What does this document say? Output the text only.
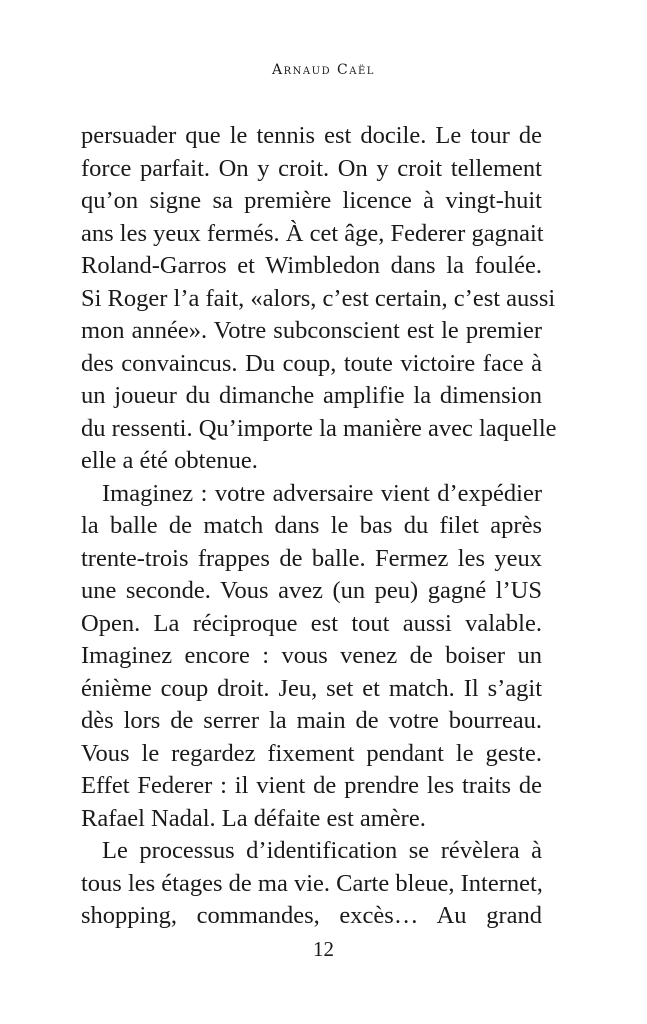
Arnaud Caël
persuader que le tennis est docile. Le tour de
force parfait. On y croit. On y croit tellement
qu’on signe sa première licence à vingt-huit
ans les yeux fermés. À cet âge, Federer gagnait
Roland-Garros et Wimbledon dans la foulée.
Si Roger l’a fait, «alors, c’est certain, c’est aussi
mon année». Votre subconscient est le premier
des convaincus. Du coup, toute victoire face à
un joueur du dimanche amplifie la dimension
du ressenti. Qu’importe la manière avec laquelle
elle a été obtenue.
Imaginez : votre adversaire vient d’expédier
la balle de match dans le bas du filet après
trente-trois frappes de balle. Fermez les yeux
une seconde. Vous avez (un peu) gagné l’US
Open. La réciproque est tout aussi valable.
Imaginez encore : vous venez de boiser un
énième coup droit. Jeu, set et match. Il s’agit
dès lors de serrer la main de votre bourreau.
Vous le regardez fixement pendant le geste.
Effet Federer : il vient de prendre les traits de
Rafael Nadal. La défaite est amère.
Le processus d’identification se révèlera à
tous les étages de ma vie. Carte bleue, Internet,
shopping, commandes, excès… Au grand
12
